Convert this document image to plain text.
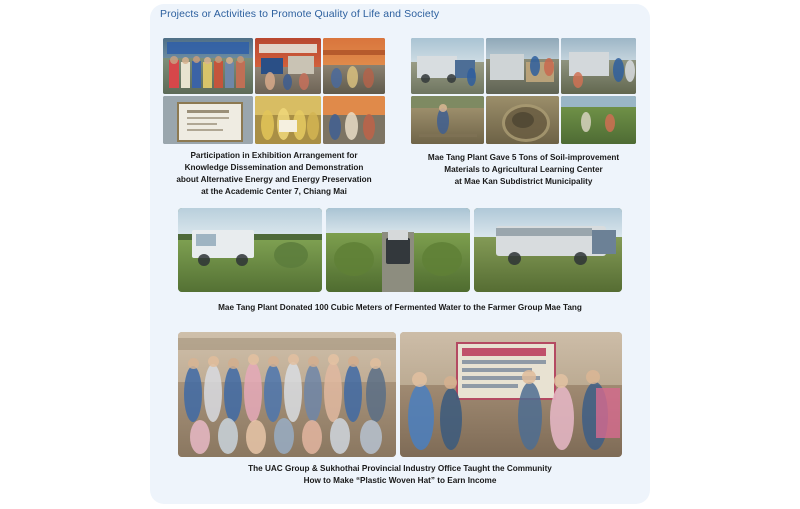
Projects or Activities to Promote Quality of Life and Society
Participation in Exhibition Arrangement for
Knowledge Dissemination and Demonstration
about Alternative Energy and Energy Preservation
at the Academic Center 7, Chiang Mai
Mae Tang Plant Gave 5 Tons of Soil-improvement
Materials to Agricultural Learning Center
at Mae Kan Subdistrict Municipality
Mae Tang Plant Donated 100 Cubic Meters of Fermented Water to the Farmer Group Mae Tang
The UAC Group & Sukhothai Provincial Industry Office Taught the Community
How to Make “Plastic Woven Hat” to Earn Income
